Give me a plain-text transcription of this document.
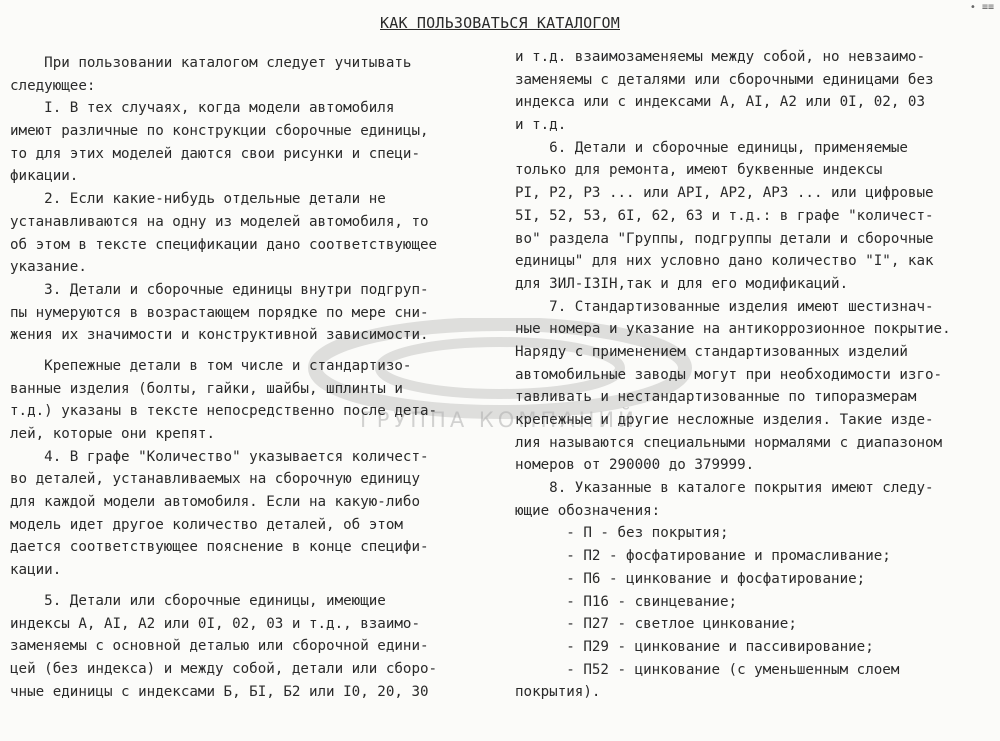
• ≡≡
КАК ПОЛЬЗОВАТЬСЯ КАТАЛОГОМ
ГРУППА КОМПАНИЙ
При пользовании каталогом следует учитывать
следующее:
I. В тех случаях, когда модели автомобиля
имеют различные по конструкции сборочные единицы,
то для этих моделей даются свои рисунки и специ-
фикации.
2. Если какие-нибудь отдельные детали не
устанавливаются на одну из моделей автомобиля, то
об этом в тексте спецификации дано соответствующее
указание.
3. Детали и сборочные единицы внутри подгруп-
пы нумеруются в возрастающем порядке по мере сни-
жения их значимости и конструктивной зависимости.
Крепежные детали в том числе и стандартизо-
ванные изделия (болты, гайки, шайбы, шплинты и
т.д.) указаны в тексте непосредственно после дета-
лей, которые они крепят.
4. В графе "Количество" указывается количест-
во деталей, устанавливаемых на сборочную единицу
для каждой модели автомобиля. Если на какую-либо
модель идет другое количество деталей, об этом
дается соответствующее пояснение в конце специфи-
кации.
5. Детали или сборочные единицы, имеющие
индексы А, АI, А2 или 0I, 02, 03 и т.д., взаимо-
заменяемы с основной деталью или сборочной едини-
цей (без индекса) и между собой, детали или сборо-
чные единицы с индексами Б, БI, Б2 или I0, 20, 30
и т.д. взаимозаменяемы между собой, но невзаимо-
заменяемы с деталями или сборочными единицами без
индекса или с индексами А, АI, А2 или 0I, 02, 03
и т.д.
6. Детали и сборочные единицы, применяемые
только для ремонта, имеют буквенные индексы
РI, Р2, Р3 ... или АРI, АР2, АР3 ... или цифровые
5I, 52, 53, 6I, 62, 63 и т.д.: в графе "количест-
во" раздела "Группы, подгруппы детали и сборочные
единицы" для них условно дано количество "I", как
для ЗИЛ-I3IН,так и для его модификаций.
7. Стандартизованные изделия имеют шестизнач-
ные номера и указание на антикоррозионное покрытие.
Наряду с применением стандартизованных изделий
автомобильные заводы могут при необходимости изго-
тавливать и нестандартизованные по типоразмерам
крепежные и другие несложные изделия. Такие изде-
лия называются специальными нормалями с диапазоном
номеров от 290000 до 379999.
8. Указанные в каталоге покрытия имеют следу-
ющие обозначения:
- П - без покрытия;
- П2 - фосфатирование и промасливание;
- П6 - цинкование и фосфатирование;
- П16 - свинцевание;
- П27 - светлое цинкование;
- П29 - цинкование и пассивирование;
- П52 - цинкование (с уменьшенным слоем
покрытия).
